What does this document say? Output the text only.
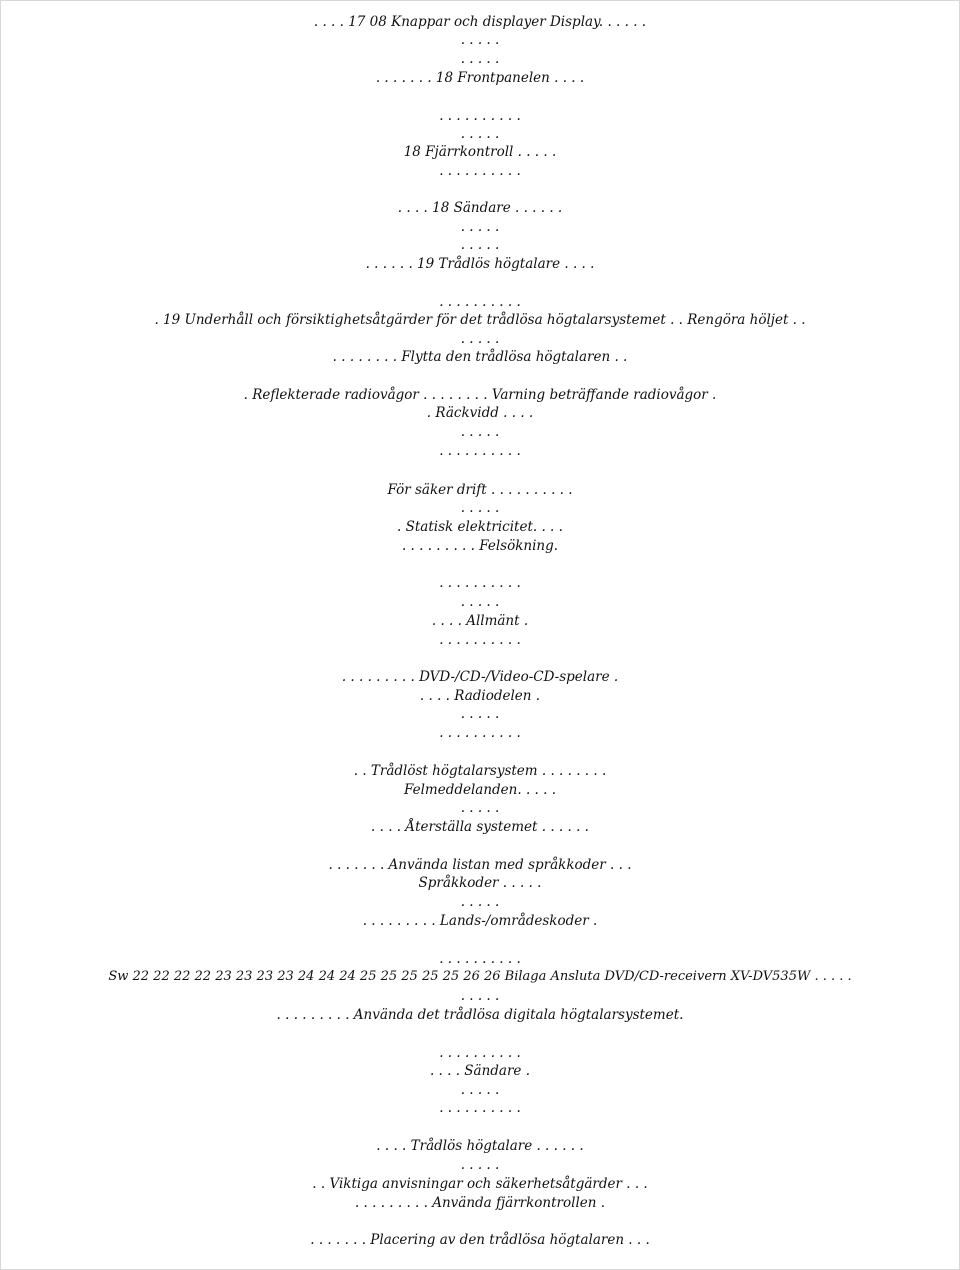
. . . . 17 08 Knappar och displayer Display. . . . . .
. . . . .
. . . . .
. . . . . . . 18 Frontpanelen . . . .
. . . . . . . . . .
. . . . .
18 Fjärrkontroll . . . . .
. . . . . . . . . .
. . . . 18 Sändare . . . . . .
. . . . .
. . . . .
. . . . . . 19 Trådlös högtalare . . . .
. . . . . . . . . .
. 19 Underhåll och försiktighetsåtgärder för det trådlösa högtalarsystemet . . Rengöra höljet . .
. . . . .
. . . . . . . . Flytta den trådlösa högtalaren . .
. Reflekterade radiovågor . . . . . . . . Varning beträffande radiovågor .
. Räckvidd . . . .
. . . . .
. . . . . . . . . .
För säker drift . . . . . . . . . .
. . . . .
. Statisk elektricitet. . . .
. . . . . . . . . Felsökning.
. . . . . . . . . .
. . . . .
. . . . Allmänt .
. . . . . . . . . .
. . . . . . . . . DVD-/CD-/Video-CD-spelare .
. . . . Radiodelen .
. . . . .
. . . . . . . . . .
. . Trådlöst högtalarsystem . . . . . . . .
Felmeddelanden. . . . .
. . . . .
. . . . Återställa systemet . . . . . .
. . . . . . . Använda listan med språkkoder . . .
Språkkoder . . . . .
. . . . .
. . . . . . . . . Lands-/områdeskoder .
. . . . . . . . . .
Sw 22 22 22 22 23 23 23 23 24 24 24 25 25 25 25 25 26 26 Bilaga Ansluta DVD/CD-receivern XV-DV535W . . . . .
. . . . .
. . . . . . . . . Använda det trådlösa digitala högtalarsystemet.
. . . . . . . . . .
. . . . Sändare .
. . . . .
. . . . . . . . . .
. . . . Trådlös högtalare . . . . . .
. . . . .
. . Viktiga anvisningar och säkerhetsåtgärder . . .
. . . . . . . . . Använda fjärrkontrollen .
. . . . . . . Placering av den trådlösa högtalaren . . .
